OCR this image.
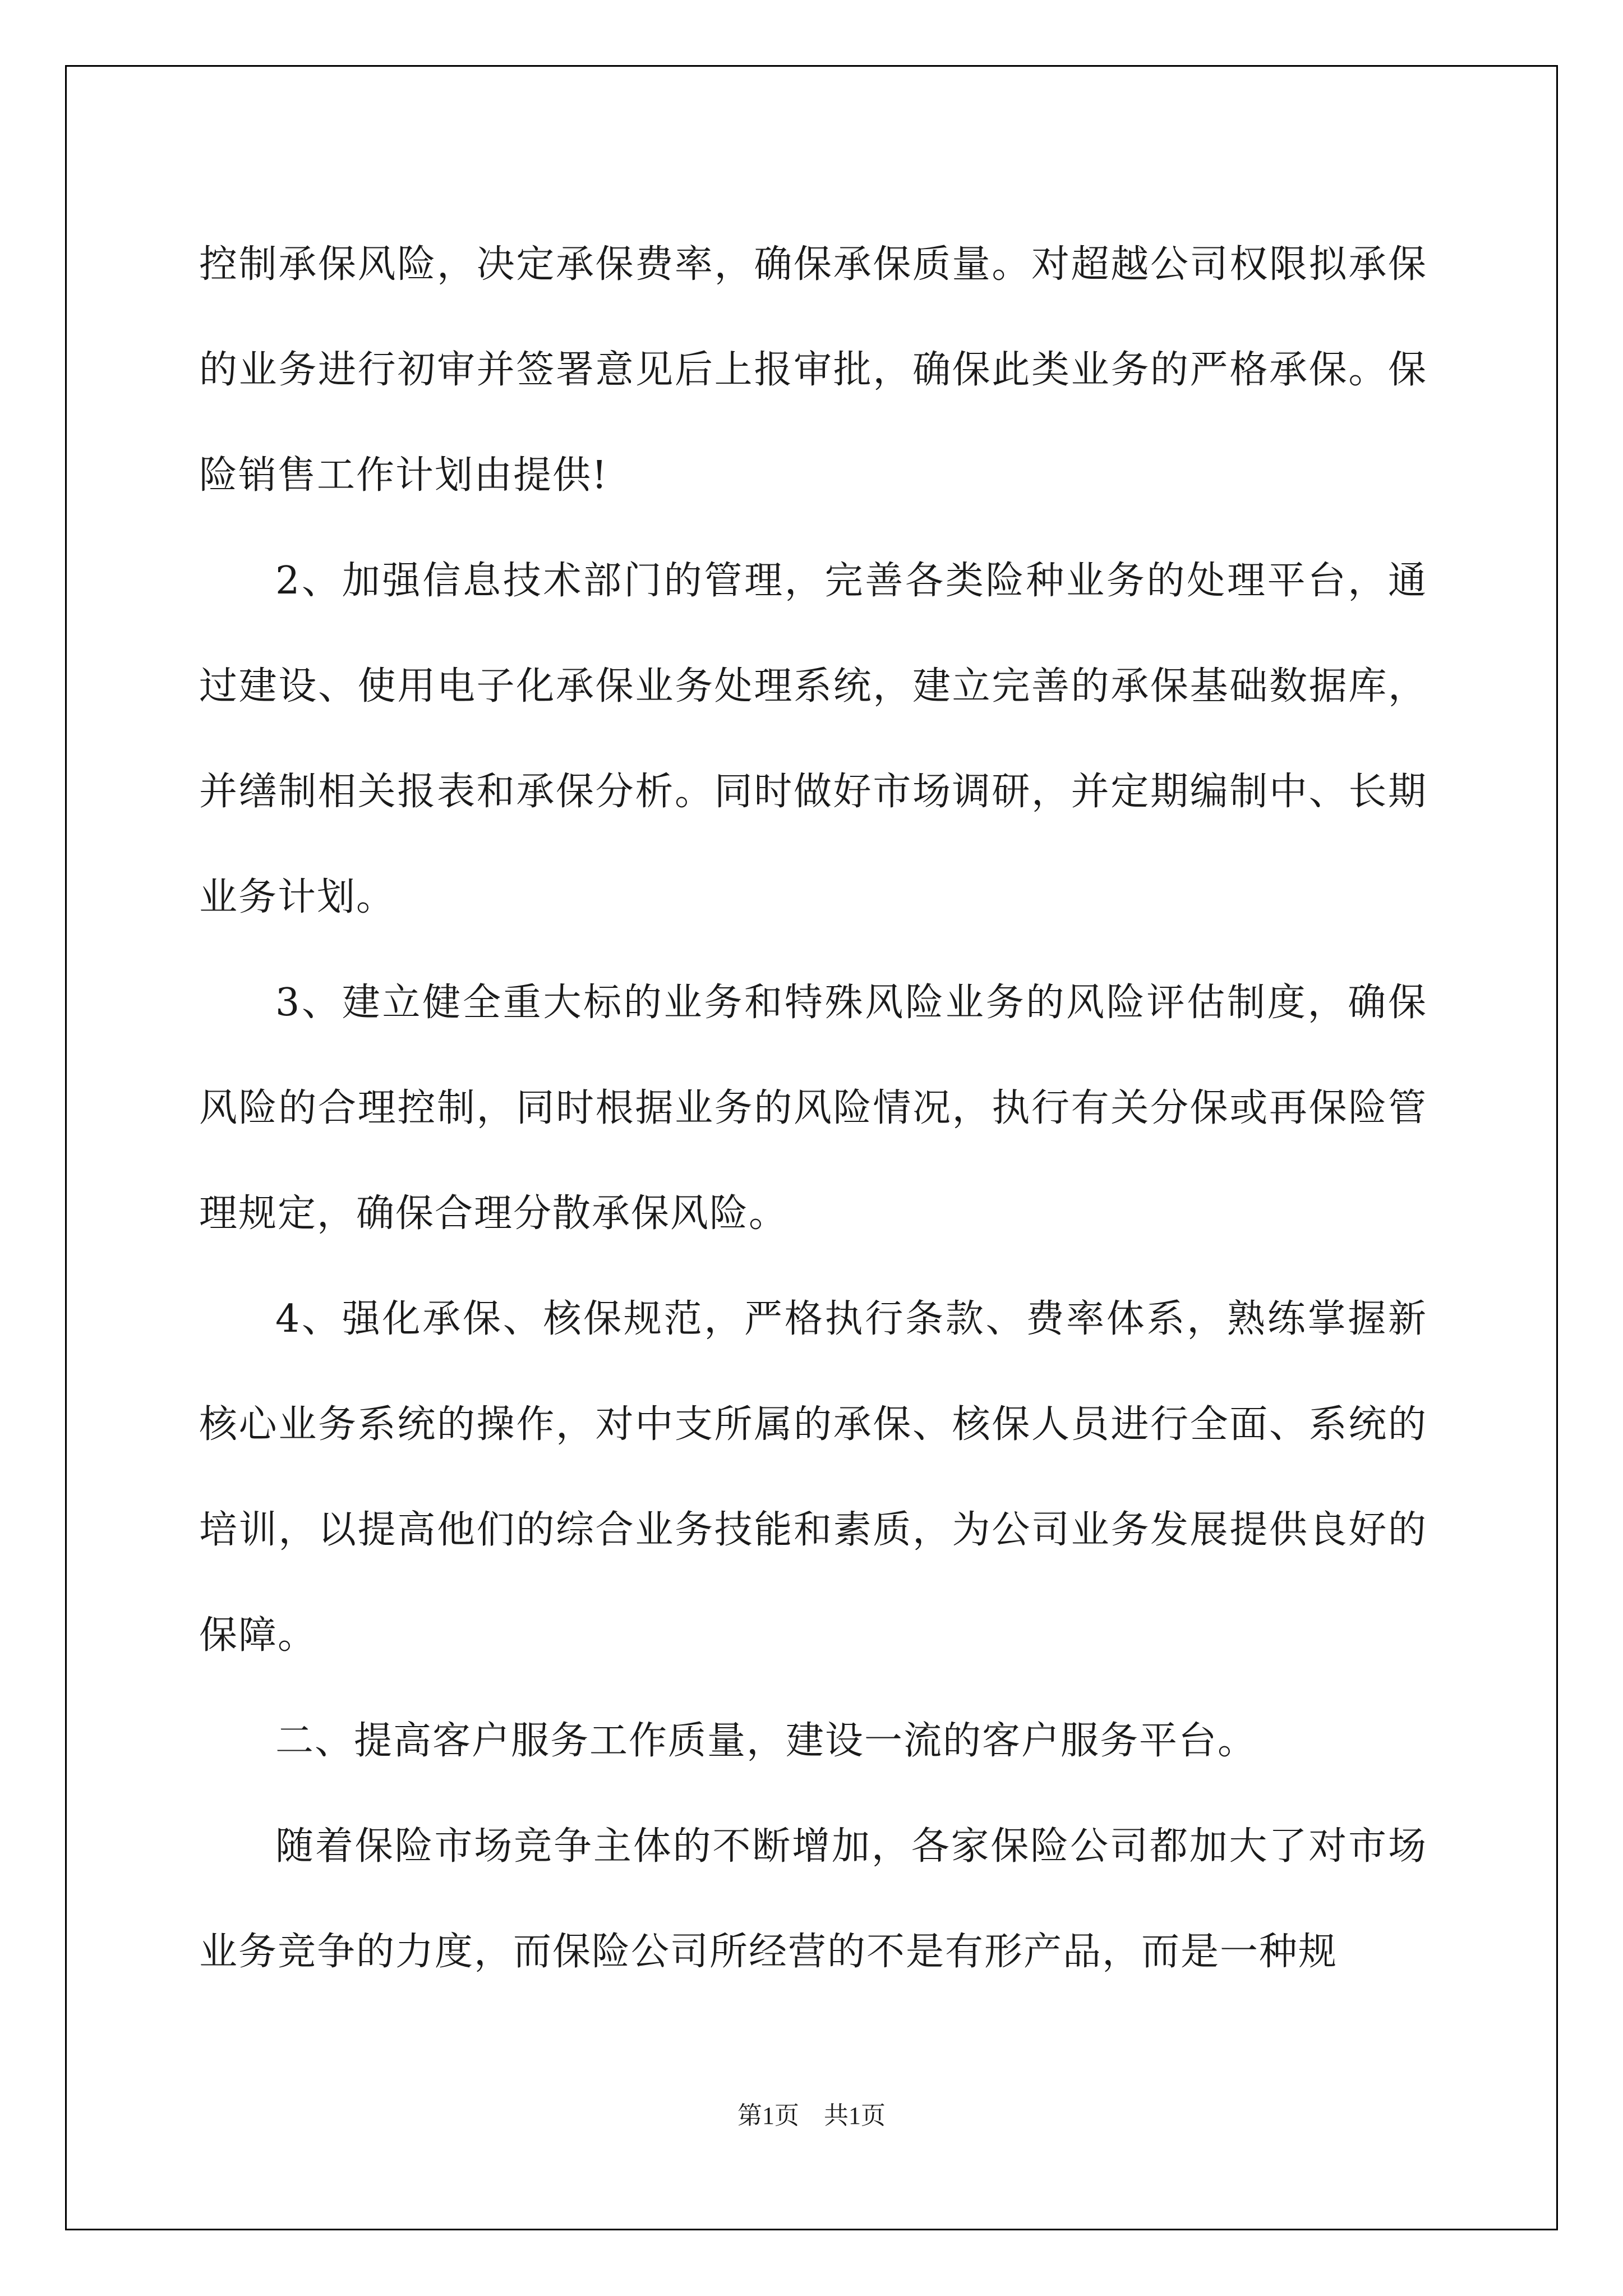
控制承保风险，决定承保费率，确保承保质量。对超越公司权限拟承保的业务进行初审并签署意见后上报审批，确保此类业务的严格承保。保险销售工作计划由提供!

2、加强信息技术部门的管理，完善各类险种业务的处理平台，通过建设、使用电子化承保业务处理系统，建立完善的承保基础数据库，并缮制相关报表和承保分析。同时做好市场调研，并定期编制中、长期业务计划。

3、建立健全重大标的业务和特殊风险业务的风险评估制度，确保风险的合理控制，同时根据业务的风险情况，执行有关分保或再保险管理规定，确保合理分散承保风险。

4、强化承保、核保规范，严格执行条款、费率体系，熟练掌握新核心业务系统的操作，对中支所属的承保、核保人员进行全面、系统的培训，以提高他们的综合业务技能和素质，为公司业务发展提供良好的保障。

二、提高客户服务工作质量，建设一流的客户服务平台。

随着保险市场竞争主体的不断增加，各家保险公司都加大了对市场业务竞争的力度，而保险公司所经营的不是有形产品，而是一种规

第1页　共1页
